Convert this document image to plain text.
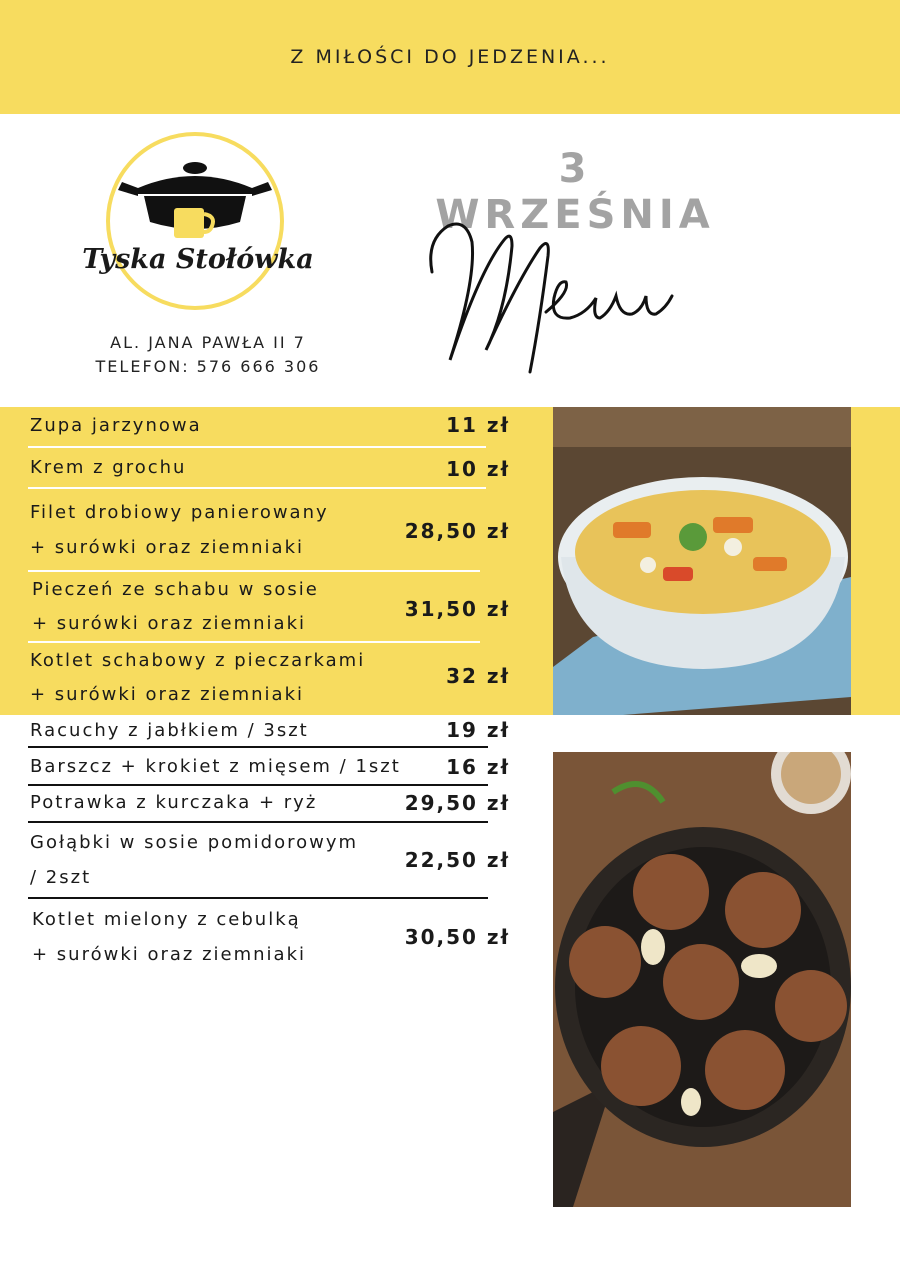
Z MIŁOŚCI DO JEDZENIA...
Tyska Stołówka
AL. JANA PAWŁA II 7
TELEFON: 576 666 306
3 WRZEŚNIA
Menu
Zupa jarzynowa	11 zł
Krem z grochu	10 zł
Filet drobiowy panierowany
+ surówki oraz ziemniaki
28,50 zł
Pieczeń ze schabu w sosie
+ surówki oraz ziemniaki
31,50 zł
Kotlet schabowy z pieczarkami
+ surówki oraz ziemniaki
32 zł
Racuchy z jabłkiem / 3szt	19 zł
Barszcz + krokiet z mięsem / 1szt 16 zł
Potrawka z kurczaka + ryż	29,50 zł
Gołąbki w sosie pomidorowym
/ 2szt
22,50 zł
Kotlet mielony z cebulką
+ surówki oraz ziemniaki
30,50 zł
